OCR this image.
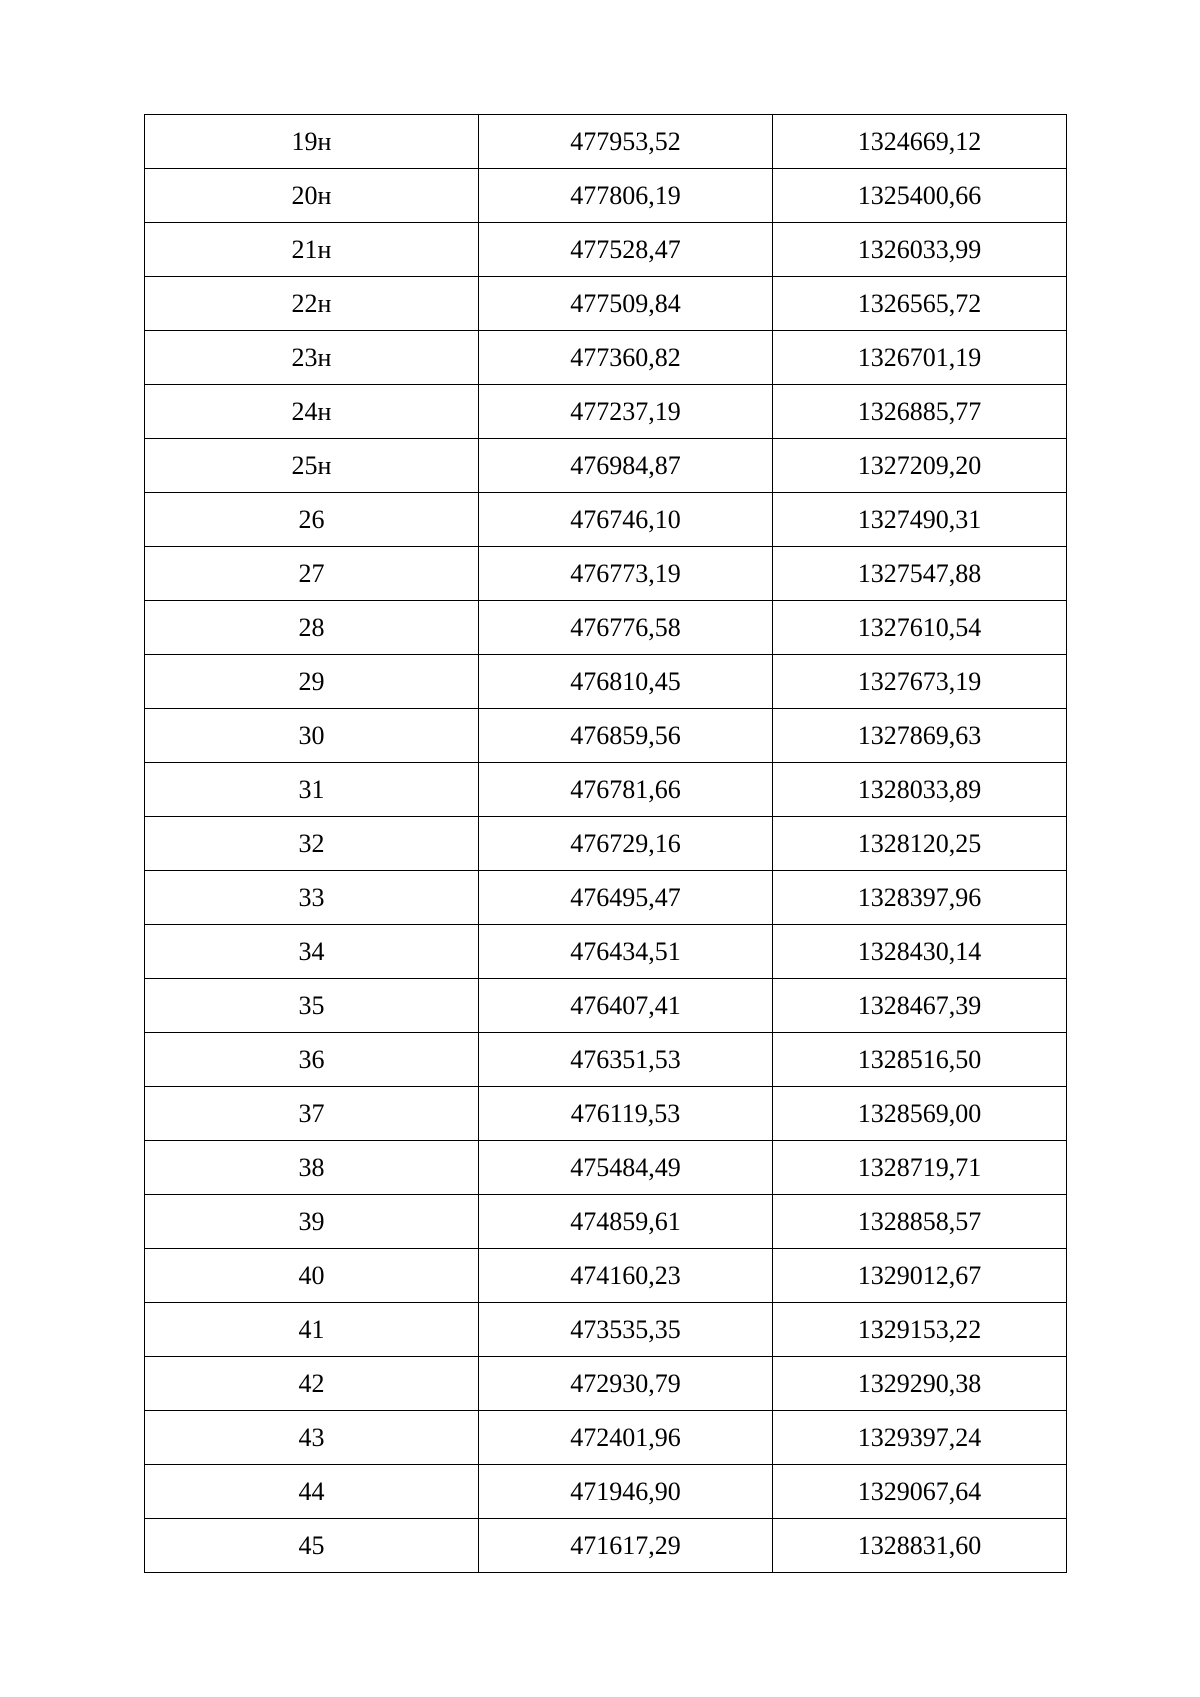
19н	477953,52	1324669,12
20н	477806,19	1325400,66
21н	477528,47	1326033,99
22н	477509,84	1326565,72
23н	477360,82	1326701,19
24н	477237,19	1326885,77
25н	476984,87	1327209,20
26	476746,10	1327490,31
27	476773,19	1327547,88
28	476776,58	1327610,54
29	476810,45	1327673,19
30	476859,56	1327869,63
31	476781,66	1328033,89
32	476729,16	1328120,25
33	476495,47	1328397,96
34	476434,51	1328430,14
35	476407,41	1328467,39
36	476351,53	1328516,50
37	476119,53	1328569,00
38	475484,49	1328719,71
39	474859,61	1328858,57
40	474160,23	1329012,67
41	473535,35	1329153,22
42	472930,79	1329290,38
43	472401,96	1329397,24
44	471946,90	1329067,64
45	471617,29	1328831,60
